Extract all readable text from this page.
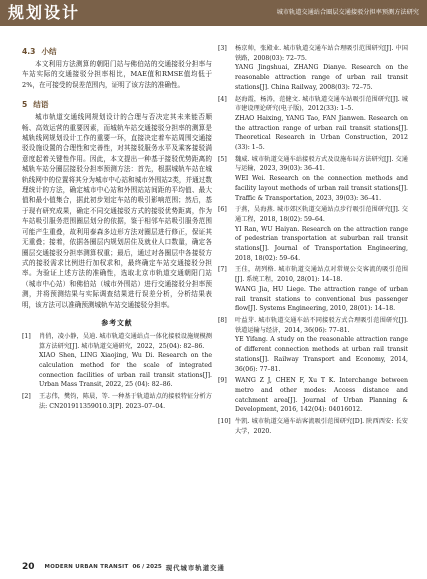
规划设计	城市轨道交通站合圈层交通接驳分担率预测方法研究
4.3 小结

本文利用方法测算的朝阳门站与佛伯站的交通接驳分担率与车站实际的交通接驳分担率相比，MAE值和RMSE值均低于2%，在可接受的误差范围内，证明了该方法的准确性。

5 结语

城市轨道交通线网规划设计的合理与否决定其未来能否顺畅、高效运营的重要因素，而城轨车站交通接驳分担率的测算是城轨线网规划设计工作的重要一环，直接决定着车站周围交通接驳设施设置的合理性和完善性，对其接驳服务水平及乘客接驳满意度起着关键性作用。因此，本文提出一种基于接驳优势距离的城轨车站分圈层接驳分担率预测方法：首先，根据城轨车站在城轨线网中的位置将其分为城市中心站和城市外围站2类，并通过数理统计的方法，确定城市中心站和外围站站间距的平均值、最大值和最小值集合，据此初步划定车站的吸引影响范围；然后，基于现有研究成果，确定不同交通接驳方式的接驳优势距离，作为车站吸引服务范围圈层划分的依据，鉴于相邻车站吸引服务范围可能产生重叠，故利用泰森多边形方法对圈层进行修正，保证其无重叠；接着，依据各圈层内规划居住及就业人口数量，确定各圈层交通接驳分担率测算权重；最后，通过对各圈层中各接驳方式的接驳需求比例进行加权求和，最终确定车站交通接驳分担率。为验证上述方法的准确性，选取北京市轨道交通朝阳门站（城市中心站）和佛伯站（城市外围站）进行交通接驳分担率预测，并将预测结果与实际调查结果进行误差分析，分析结果表明，该方法可以准确预测城轨车站交通接驳分担率。

参考文献
[1] 肖俏，凌小静，吴迪. 城市轨道交通站点一体化接驳设施规模测算方法研究[J]. 城市轨道交通研究，2022，25(04): 82–86.

XIAO Shen, LING Xiaojing, Wu Di. Research on the calculation method for the scale of integrated connection facilities of urban rail transit stations[J]. Urban Mass Transit, 2022, 25 (04): 82–86.

[2] 王志伟，樊钧，陈晨，等. 一种基于轨道站点的接驳特征分析方法: CN201911359010.3[P]. 2023–07–04.

[3] 杨京帅，张殿业. 城市轨道交通车站合理吸引范围研究[J]. 中国铁路，2008(03): 72–75.

YANG Jingshuai, ZHANG Dianye. Research on the reasonable attraction range of urban rail transit stations[J]. China Railway, 2008(03): 72–75.

[4] 赵海霞，杨涛，范健文. 城市轨道交通车站吸引范围研究[J]. 城市建设理论研究(电子版)，2012(33): 1–5.

ZHAO Haixing, YANG Tao, FAN Jianwen. Research on the attraction range of urban rail transit stations[J]. Theoretical Research in Urban Construction, 2012 (33): 1–5.

[5] 魏威. 城市轨道交通车站接驳方式及设施布局方法研究[J]. 交通与运输，2023, 39(03): 36–41.

WEI Wei. Research on the connection methods and facility layout methods of urban rail transit stations[J]. Traffic & Transportation, 2023, 39(03): 36–41.

[6] 于燕，吴海燕. 城市郊区轨道交通站点步行吸引范围研究[J]. 交通工程，2018, 18(02): 59–64.

YI Ran, WU Haiyan. Research on the attraction range of pedestrian transportation at suburban rail transit stations[J]. Journal of Transportation Engineering, 2018, 18(02): 59–64.

[7] 王佳，胡列格. 城市轨道交通站点对常规公交客流的吸引范围[J]. 系统工程，2010, 28(01): 14–18.

WANG Jia, HU Liege. The attraction range of urban rail transit stations to conventional bus passenger flow[J]. Systems Engineering, 2010, 28(01): 14–18.

[8] 叶益芽. 城市轨道交通车站不同接驳方式合理吸引范围研究[J]. 铁道运输与经济，2014, 36(06): 77–81.

YE Yifang. A study on the reasonable attraction range of different connection methods at urban rail transit stations[J]. Railway Transport and Economy, 2014, 36(06): 77–81.

[9] WANG Z J, CHEN F, Xu T K. Interchange between metro and other modes: Access distance and catchment area[J]. Journal of Urban Planning & Development, 2016, 142(04): 04016012.

[10] 牛凯. 城市轨道交通车站客流吸引范围研究[D]. 陕西西安: 长安大学，2020.

20 MODERN URBAN TRANSIT 06 / 2025 现代城市轨道交通
